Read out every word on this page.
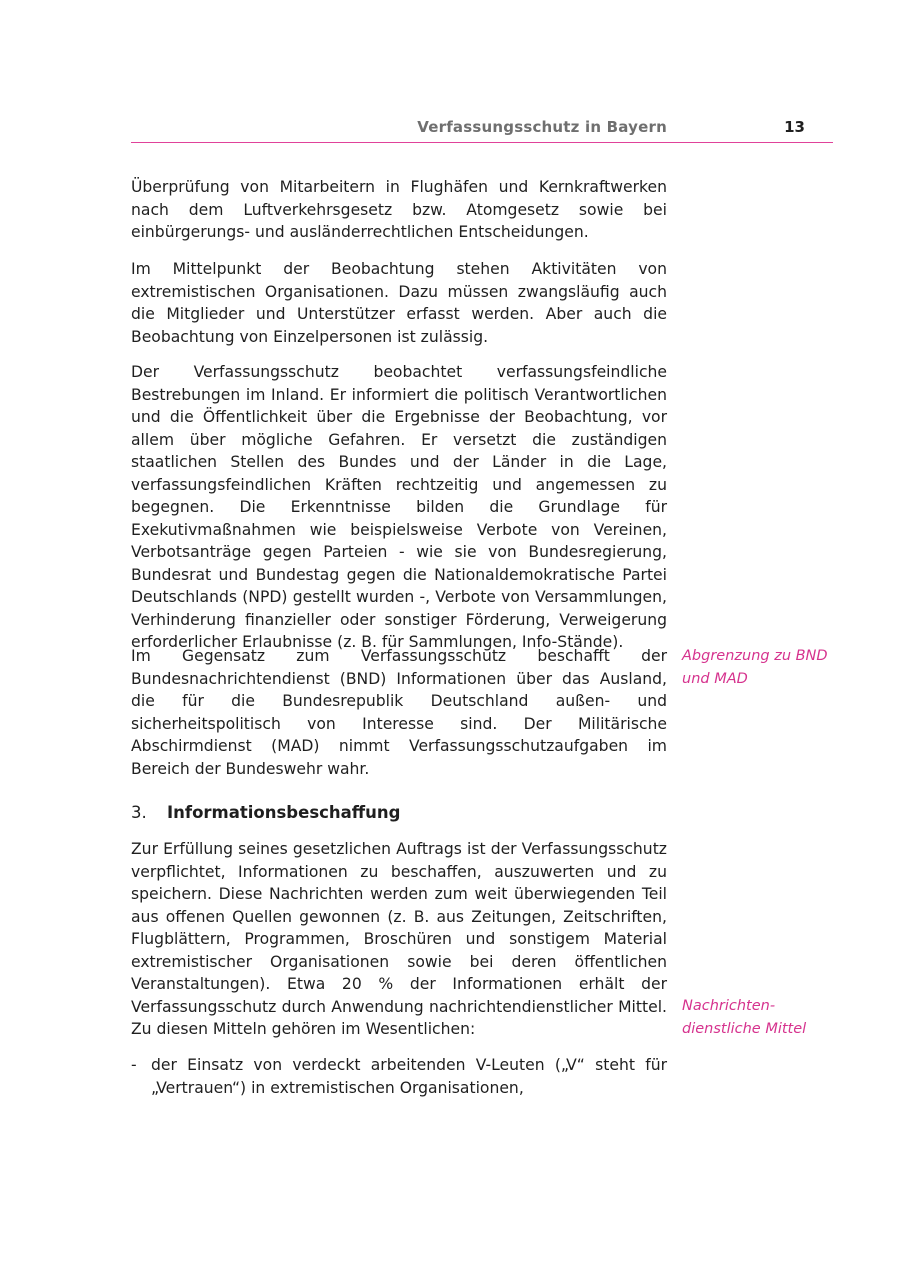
Verfassungsschutz in Bayern	13

Überprüfung von Mitarbeitern in Flughäfen und Kernkraftwerken nach dem Luftverkehrsgesetz bzw. Atomgesetz sowie bei einbürgerungs- und ausländerrechtlichen Entscheidungen.

Im Mittelpunkt der Beobachtung stehen Aktivitäten von extremistischen Organisationen. Dazu müssen zwangsläufig auch die Mitglieder und Unterstützer erfasst werden. Aber auch die Beobachtung von Einzelpersonen ist zulässig.

Der Verfassungsschutz beobachtet verfassungsfeindliche Bestrebungen im Inland. Er informiert die politisch Verantwortlichen und die Öffentlichkeit über die Ergebnisse der Beobachtung, vor allem über mögliche Gefahren. Er versetzt die zuständigen staatlichen Stellen des Bundes und der Länder in die Lage, verfassungsfeindlichen Kräften rechtzeitig und angemessen zu begegnen. Die Erkenntnisse bilden die Grundlage für Exekutivmaßnahmen wie beispielsweise Verbote von Vereinen, Verbotsanträge gegen Parteien - wie sie von Bundesregierung, Bundesrat und Bundestag gegen die Nationaldemokratische Partei Deutschlands (NPD) gestellt wurden -, Verbote von Versammlungen, Verhinderung finanzieller oder sonstiger Förderung, Verweigerung erforderlicher Erlaubnisse (z. B. für Sammlungen, Info-Stände).

Im Gegensatz zum Verfassungsschutz beschafft der Bundesnachrichtendienst (BND) Informationen über das Ausland, die für die Bundesrepublik Deutschland außen- und sicherheitspolitisch von Interesse sind. Der Militärische Abschirmdienst (MAD) nimmt Verfassungsschutzaufgaben im Bereich der Bundeswehr wahr.

Abgrenzung zu BND und MAD
3. Informationsbeschaffung

Zur Erfüllung seines gesetzlichen Auftrags ist der Verfassungsschutz verpflichtet, Informationen zu beschaffen, auszuwerten und zu speichern. Diese Nachrichten werden zum weit überwiegenden Teil aus offenen Quellen gewonnen (z. B. aus Zeitungen, Zeitschriften, Flugblättern, Programmen, Broschüren und sonstigem Material extremistischer Organisationen sowie bei deren öffentlichen Veranstaltungen). Etwa 20 % der Informationen erhält der Verfassungsschutz durch Anwendung nachrichtendienstlicher Mittel. Zu diesen Mitteln gehören im Wesentlichen:

Nachrichten-dienstliche Mittel
- der Einsatz von verdeckt arbeitenden V-Leuten („V“ steht für „Vertrauen“) in extremistischen Organisationen,
